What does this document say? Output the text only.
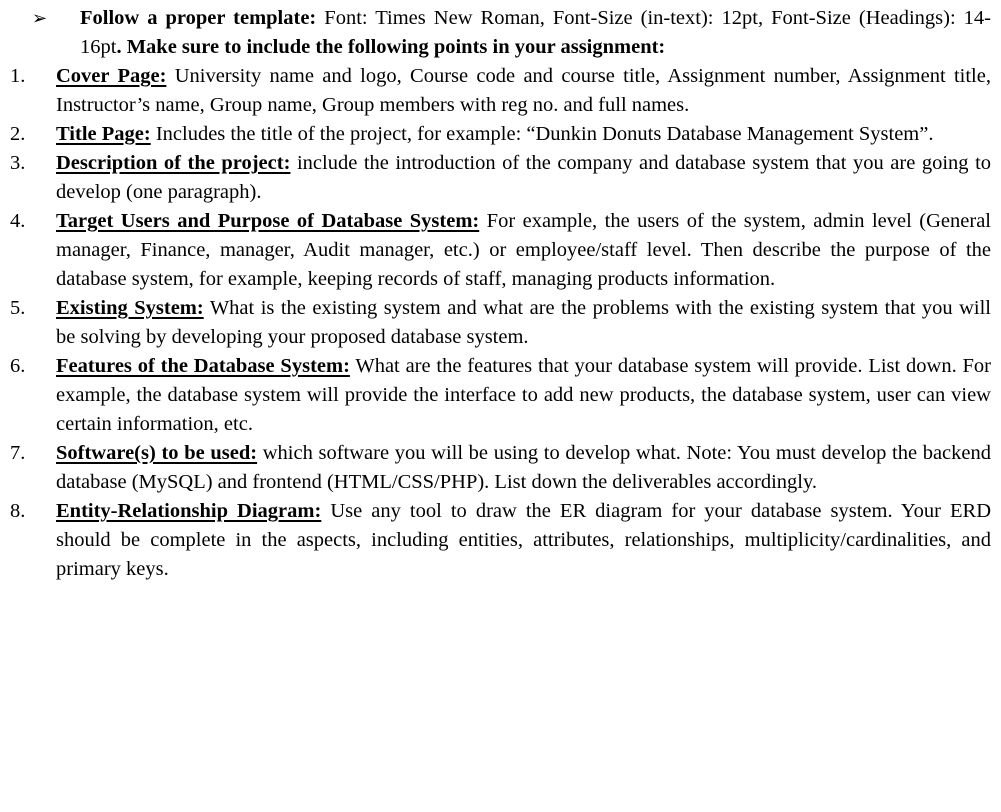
➢ Follow a proper template: Font: Times New Roman, Font-Size (in-text): 12pt, Font-Size (Headings): 14-16pt. Make sure to include the following points in your assignment:
1.	Cover Page: University name and logo, Course code and course title, Assignment number, Assignment title, Instructor’s name, Group name, Group members with reg no. and full names.
2.	Title Page: Includes the title of the project, for example: “Dunkin Donuts Database Management System”.
3.	Description of the project: include the introduction of the company and database system that you are going to develop (one paragraph).
4.	Target Users and Purpose of Database System: For example, the users of the system, admin level (General manager, Finance, manager, Audit manager, etc.) or employee/staff level. Then describe the purpose of the database system, for example, keeping records of staff, managing products information.
5.	Existing System: What is the existing system and what are the problems with the existing system that you will be solving by developing your proposed database system.
6.	Features of the Database System: What are the features that your database system will provide. List down. For example, the database system will provide the interface to add new products, the database system, user can view certain information, etc.
7.	Software(s) to be used: which software you will be using to develop what. Note: You must develop the backend database (MySQL) and frontend (HTML/CSS/PHP). List down the deliverables accordingly.
8.	Entity-Relationship Diagram: Use any tool to draw the ER diagram for your database system. Your ERD should be complete in the aspects, including entities, attributes, relationships, multiplicity/cardinalities, and primary keys.
